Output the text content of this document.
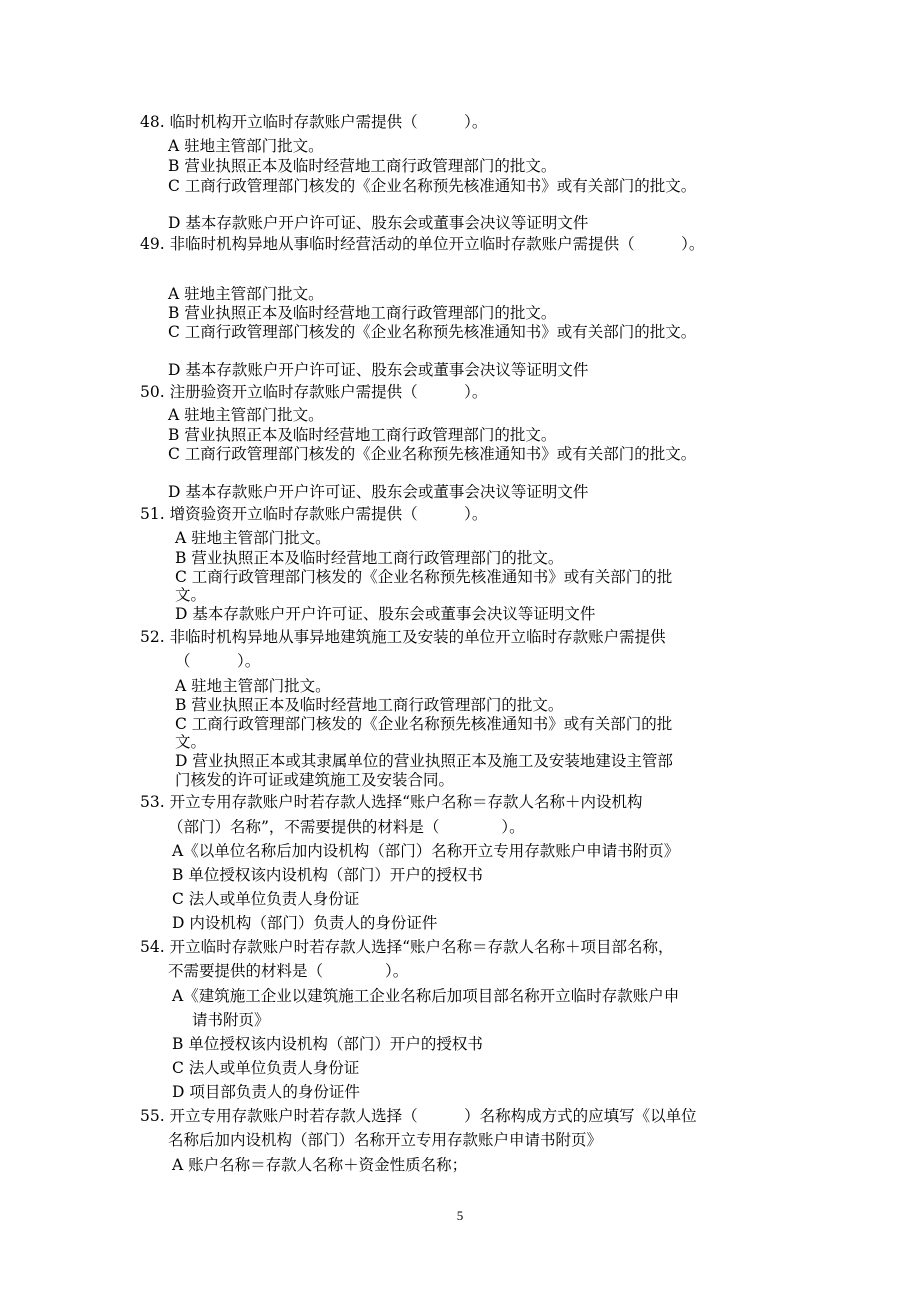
48. 临时机构开立临时存款账户需提供（　　　）。
A 驻地主管部门批文。
B 营业执照正本及临时经营地工商行政管理部门的批文。
C 工商行政管理部门核发的《企业名称预先核准通知书》或有关部门的批文。
D 基本存款账户开户许可证、股东会或董事会决议等证明文件
49. 非临时机构异地从事临时经营活动的单位开立临时存款账户需提供（　　　）。
A 驻地主管部门批文。
B 营业执照正本及临时经营地工商行政管理部门的批文。
C 工商行政管理部门核发的《企业名称预先核准通知书》或有关部门的批文。
D 基本存款账户开户许可证、股东会或董事会决议等证明文件
50. 注册验资开立临时存款账户需提供（　　　）。
A 驻地主管部门批文。
B 营业执照正本及临时经营地工商行政管理部门的批文。
C 工商行政管理部门核发的《企业名称预先核准通知书》或有关部门的批文。
D 基本存款账户开户许可证、股东会或董事会决议等证明文件
51. 增资验资开立临时存款账户需提供（　　　）。
A 驻地主管部门批文。
B 营业执照正本及临时经营地工商行政管理部门的批文。
C 工商行政管理部门核发的《企业名称预先核准通知书》或有关部门的批
文。
D 基本存款账户开户许可证、股东会或董事会决议等证明文件
52. 非临时机构异地从事异地建筑施工及安装的单位开立临时存款账户需提供
（　　　）。
A 驻地主管部门批文。
B 营业执照正本及临时经营地工商行政管理部门的批文。
C 工商行政管理部门核发的《企业名称预先核准通知书》或有关部门的批
文。
D 营业执照正本或其隶属单位的营业执照正本及施工及安装地建设主管部
门核发的许可证或建筑施工及安装合同。
53. 开立专用存款账户时若存款人选择“账户名称＝存款人名称＋内设机构
（部门）名称”，不需要提供的材料是（　　　　）。
A《以单位名称后加内设机构（部门）名称开立专用存款账户申请书附页》
B 单位授权该内设机构（部门）开户的授权书
C 法人或单位负责人身份证
D 内设机构（部门）负责人的身份证件
54. 开立临时存款账户时若存款人选择“账户名称＝存款人名称＋项目部名称，
不需要提供的材料是（　　　　）。
A《建筑施工企业以建筑施工企业名称后加项目部名称开立临时存款账户申
请书附页》
B 单位授权该内设机构（部门）开户的授权书
C 法人或单位负责人身份证
D 项目部负责人的身份证件
55. 开立专用存款账户时若存款人选择（　　　）名称构成方式的应填写《以单位
名称后加内设机构（部门）名称开立专用存款账户申请书附页》
A 账户名称＝存款人名称＋资金性质名称；
5
